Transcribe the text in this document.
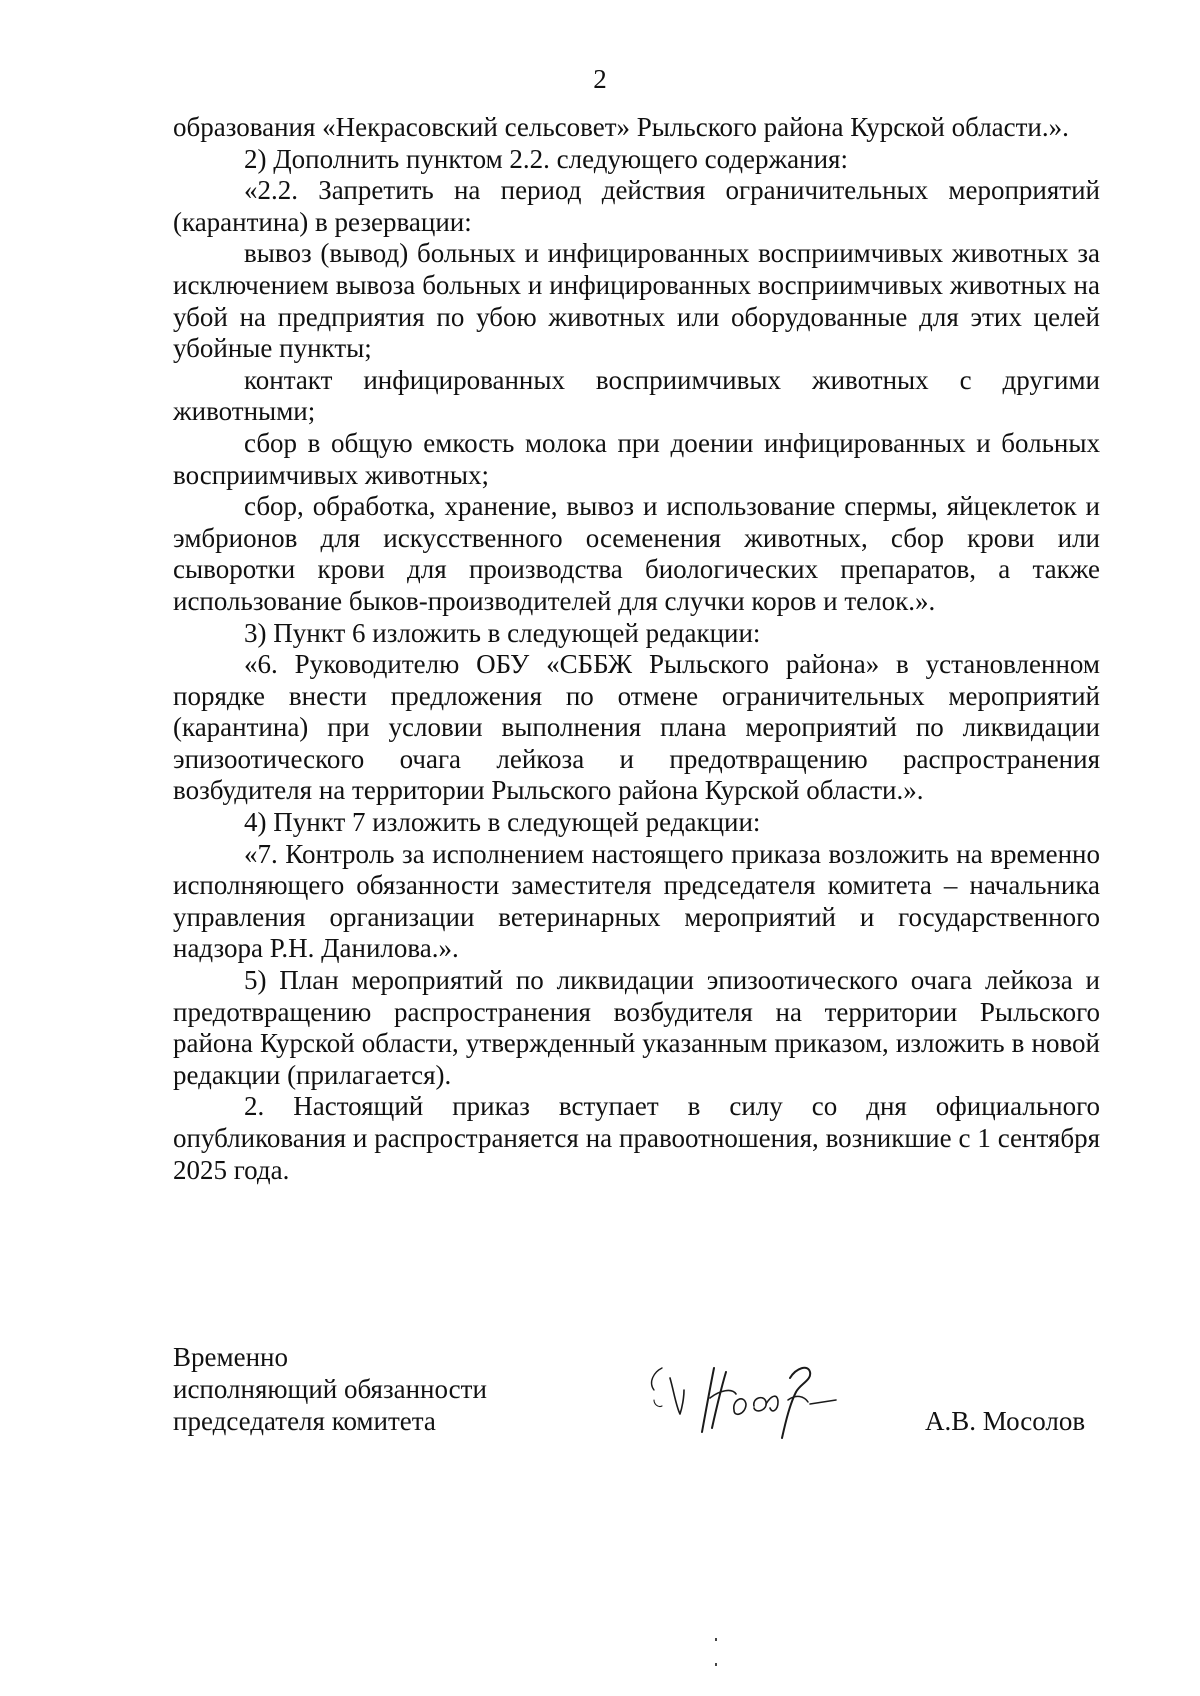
2

образования «Некрасовский сельсовет» Рыльского района Курской области.».

2) Дополнить пунктом 2.2. следующего содержания:

«2.2. Запретить на период действия ограничительных мероприятий (карантина) в резервации:

вывоз (вывод) больных и инфицированных восприимчивых животных за исключением вывоза больных и инфицированных восприимчивых животных на убой на предприятия по убою животных или оборудованные для этих целей убойные пункты;

контакт инфицированных восприимчивых животных с другими животными;

сбор в общую емкость молока при доении инфицированных и больных восприимчивых животных;

сбор, обработка, хранение, вывоз и использование спермы, яйцеклеток и эмбрионов для искусственного осеменения животных, сбор крови или сыворотки крови для производства биологических препаратов, а также использование быков-производителей для случки коров и телок.».

3) Пункт 6 изложить в следующей редакции:

«6. Руководителю ОБУ «СББЖ Рыльского района» в установленном порядке внести предложения по отмене ограничительных мероприятий (карантина) при условии выполнения плана мероприятий по ликвидации эпизоотического очага лейкоза и предотвращению распространения возбудителя на территории Рыльского района Курской области.».

4) Пункт 7 изложить в следующей редакции:

«7. Контроль за исполнением настоящего приказа возложить на временно исполняющего обязанности заместителя председателя комитета – начальника управления организации ветеринарных мероприятий и государственного надзора Р.Н. Данилова.».

5) План мероприятий по ликвидации эпизоотического очага лейкоза и предотвращению распространения возбудителя на территории Рыльского района Курской области, утвержденный указанным приказом, изложить в новой редакции (прилагается).

2. Настоящий приказ вступает в силу со дня официального опубликования и распространяется на правоотношения, возникшие с 1 сентября 2025 года.

Временно
исполняющий обязанности
председателя комитета	А.В. Мосолов
